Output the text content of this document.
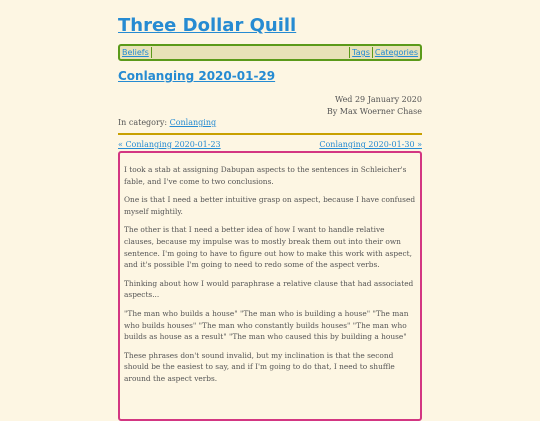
Three Dollar Quill
Beliefs	Tags Categories
Conlanging 2020-01-29
Wed 29 January 2020
By Max Woerner Chase
In category: Conlanging
« Conlanging 2020-01-23	Conlanging 2020-01-30 »

I took a stab at assigning Dabupan aspects to the sentences in Schleicher's fable, and I've come to two conclusions.

One is that I need a better intuitive grasp on aspect, because I have confused myself mightily.

The other is that I need a better idea of how I want to handle relative clauses, because my impulse was to mostly break them out into their own sentence. I'm going to have to figure out how to make this work with aspect, and it's possible I'm going to need to redo some of the aspect verbs.

Thinking about how I would paraphrase a relative clause that had associated aspects...

"The man who builds a house" "The man who is building a house" "The man who builds houses" "The man who constantly builds houses" "The man who builds as house as a result" "The man who caused this by building a house"

These phrases don't sound invalid, but my inclination is that the second should be the easiest to say, and if I'm going to do that, I need to shuffle around the aspect verbs.
